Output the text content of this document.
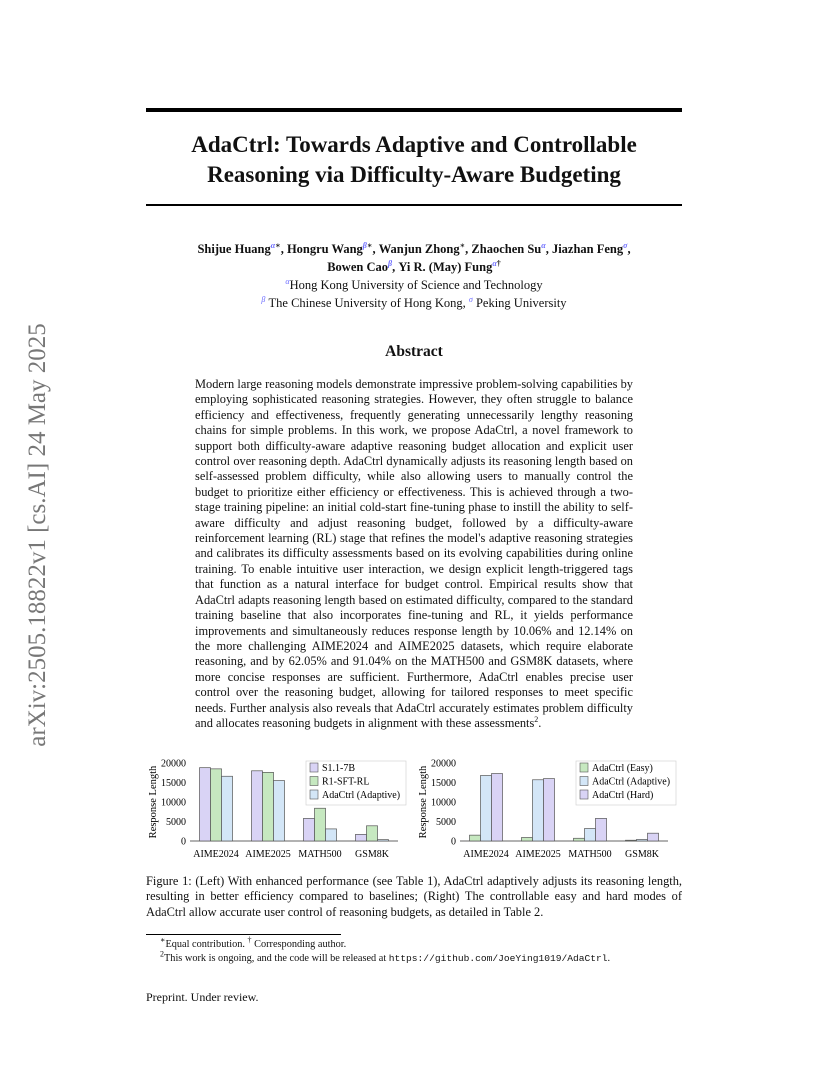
arXiv:2505.18822v1 [cs.AI] 24 May 2025
AdaCtrl: Towards Adaptive and Controllable
Reasoning via Difficulty-Aware Budgeting
Shijue Huang$^{\alpha∗}$, Hongru Wang$^{\beta∗}$, Wanjun Zhong∗, Zhaochen $Su^\alpha$, Jiazhan Feng$^\sigma$,
Bowen Cao$^\beta$, Yi R. (May) Fung$^{\alpha\dagger}$
$^\alpha$Hong Kong University of Science and Technology
$^\beta$ The Chinese University of Hong Kong, $^\sigma$ Peking University
Abstract
Modern large reasoning models demonstrate impressive problem-solving capabilities by employing sophisticated reasoning strategies. However, they often struggle to balance efficiency and effectiveness, frequently generating unnecessarily lengthy reasoning chains for simple problems. In this work, we propose AdaCtrl, a novel framework to support both difficulty-aware adaptive reasoning budget allocation and explicit user control over reasoning depth. AdaCtrl dynamically adjusts its reasoning length based on self-assessed problem difficulty, while also allowing users to manually control the budget to prioritize either efficiency or effectiveness. This is achieved through a two-stage training pipeline: an initial cold-start fine-tuning phase to instill the ability to self-aware difficulty and adjust reasoning budget, followed by a difficulty-aware reinforcement learning (RL) stage that refines the model's adaptive reasoning strategies and calibrates its difficulty assessments based on its evolving capabilities during online training. To enable intuitive user interaction, we design explicit length-triggered tags that function as a natural interface for budget control. Empirical results show that AdaCtrl adapts reasoning length based on estimated difficulty, compared to the standard training baseline that also incorporates fine-tuning and RL, it yields performance improvements and simultaneously reduces response length by 10.06% and 12.14% on the more challenging AIME2024 and AIME2025 datasets, which require elaborate reasoning, and by 62.05% and 91.04% on the MATH500 and GSM8K datasets, where more concise responses are sufficient. Furthermore, AdaCtrl enables precise user control over the reasoning budget, allowing for tailored responses to meet specific needs. Further analysis also reveals that AdaCtrl accurately estimates problem difficulty and allocates reasoning budgets in alignment with these assessments$^2$.
Response Length
0
5000
10000
15000
20000
AIME2024 AIME2025 MATH500 GSM8K
S1.1-7B
R1-SFT-RL
AdaCtrl (Adaptive) Response Length
0
5000
10000
15000
20000
AIME2024 AIME2025 MATH500 GSM8K
AdaCtrl (Easy)
AdaCtrl (Adaptive)
AdaCtrl (Hard)
Figure 1: (Left) With enhanced performance (see Table 1), AdaCtrl adaptively adjusts its reasoning length, resulting in better efficiency compared to baselines; (Right) The controllable easy and hard modes of AdaCtrl allow accurate user control of reasoning budgets, as detailed in Table 2.
∗Equal contribution. † Corresponding author.
$^2$This work is ongoing, and the code will be released at https://github.com/JoeYing1019/AdaCtrl.
Preprint. Under review.
